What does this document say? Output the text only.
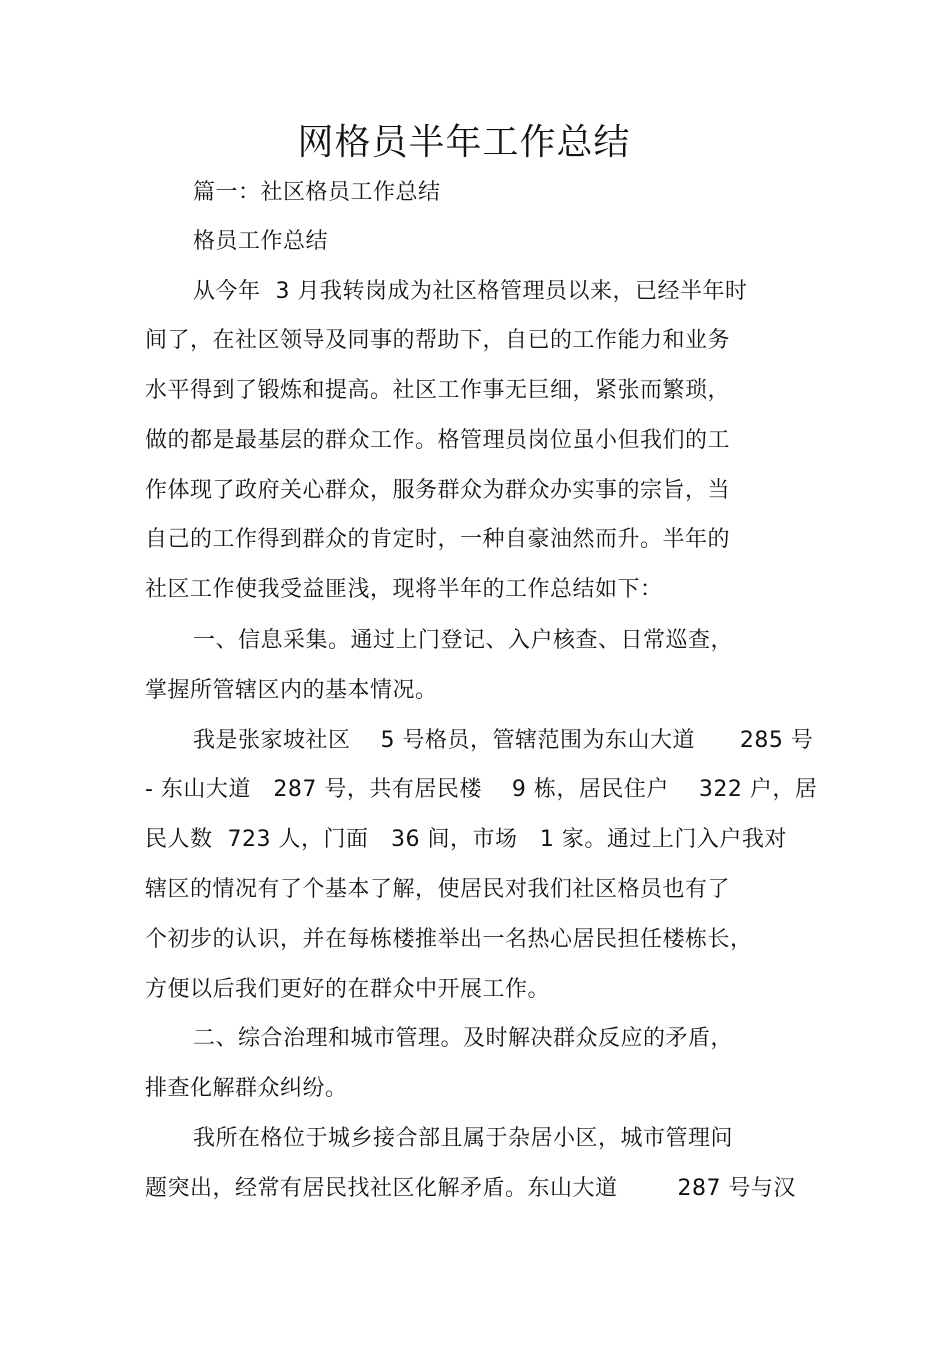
网格员半年工作总结
篇一：社区格员工作总结
格员工作总结
从今年  3 月我转岗成为社区格管理员以来，已经半年时
间了，在社区领导及同事的帮助下，自已的工作能力和业务
水平得到了锻炼和提高。社区工作事无巨细，紧张而繁琐，
做的都是最基层的群众工作。格管理员岗位虽小但我们的工
作体现了政府关心群众，服务群众为群众办实事的宗旨，当
自己的工作得到群众的肯定时，一种自豪油然而升。半年的
社区工作使我受益匪浅，现将半年的工作总结如下：
一、信息采集。通过上门登记、入户核查、日常巡查，
掌握所管辖区内的基本情况。
我是张家坡社区    5 号格员，管辖范围为东山大道      285 号
- 东山大道   287 号，共有居民楼    9 栋，居民住户    322 户，居
民人数  723 人，门面   36 间，市场   1 家。通过上门入户我对
辖区的情况有了个基本了解，使居民对我们社区格员也有了
个初步的认识，并在每栋楼推举出一名热心居民担任楼栋长，
方便以后我们更好的在群众中开展工作。
二、综合治理和城市管理。及时解决群众反应的矛盾，
排查化解群众纠纷。
我所在格位于城乡接合部且属于杂居小区，城市管理问
题突出，经常有居民找社区化解矛盾。东山大道        287 号与汉
